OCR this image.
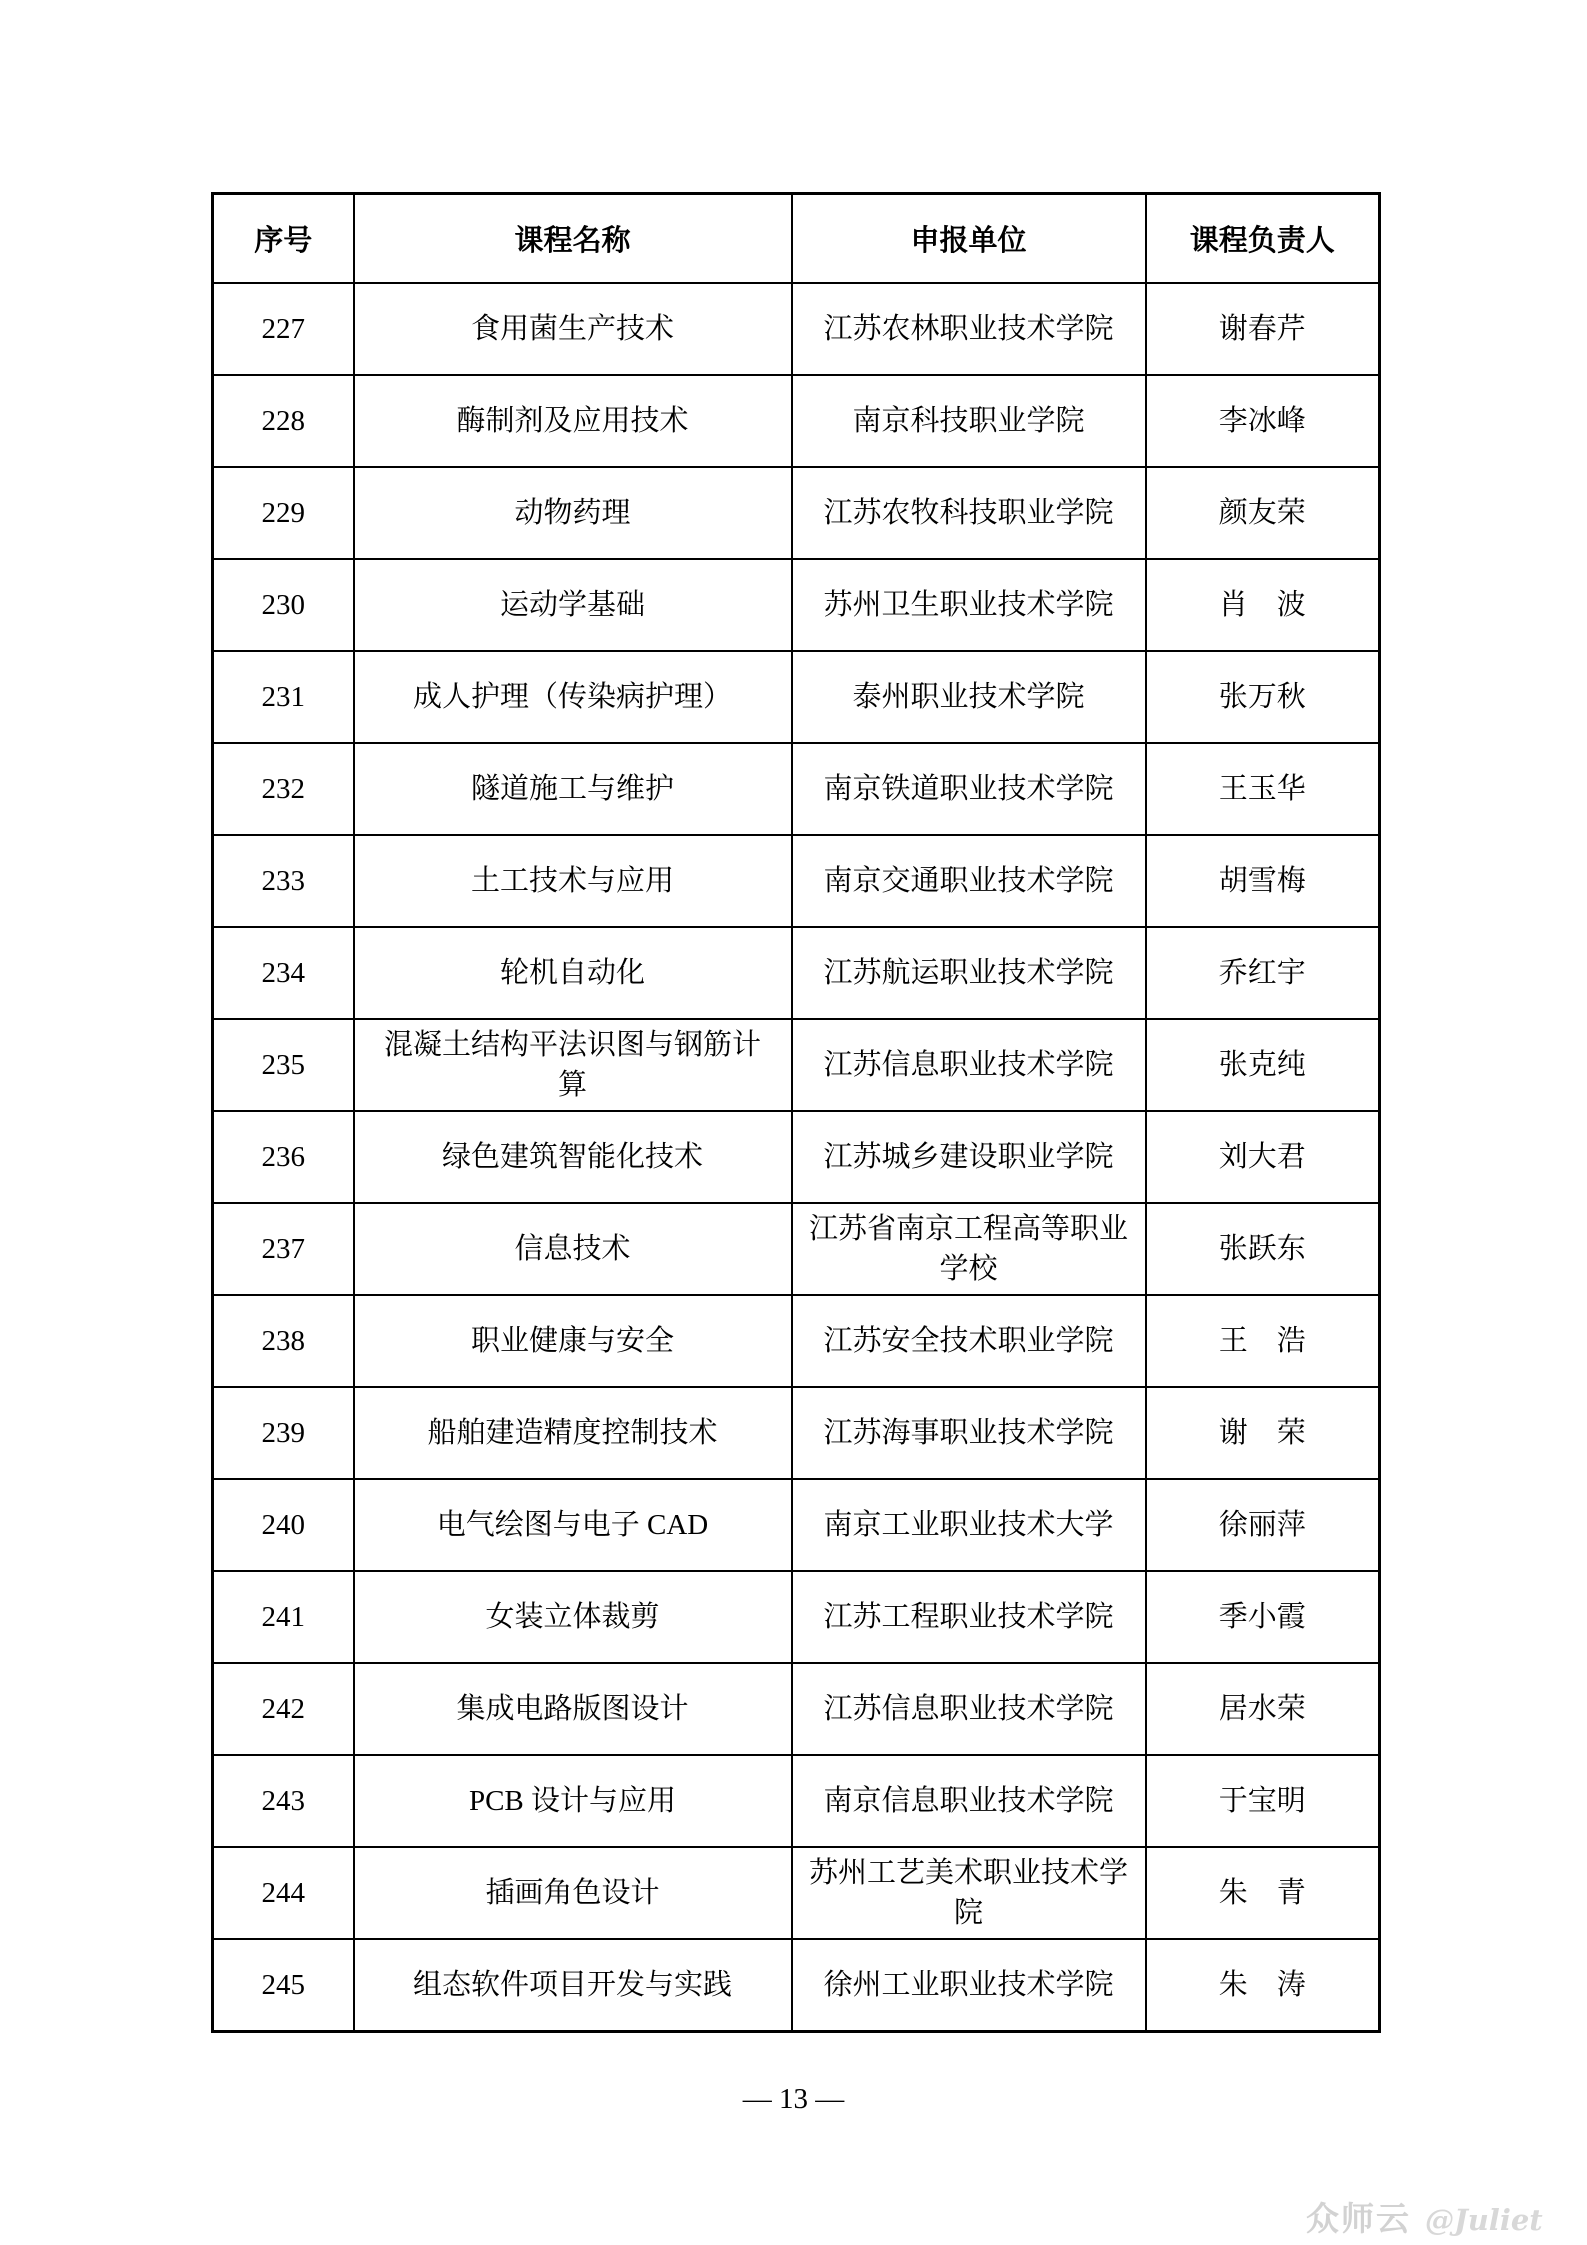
序号	课程名称	申报单位	课程负责人
227	食用菌生产技术	江苏农林职业技术学院	谢春芹
228	酶制剂及应用技术	南京科技职业学院	李冰峰
229	动物药理	江苏农牧科技职业学院	颜友荣
230	运动学基础	苏州卫生职业技术学院	肖　波
231	成人护理（传染病护理）	泰州职业技术学院	张万秋
232	隧道施工与维护	南京铁道职业技术学院	王玉华
233	土工技术与应用	南京交通职业技术学院	胡雪梅
234	轮机自动化	江苏航运职业技术学院	乔红宇
235	混凝土结构平法识图与钢筋计算	江苏信息职业技术学院	张克纯
236	绿色建筑智能化技术	江苏城乡建设职业学院	刘大君
237	信息技术	江苏省南京工程高等职业学校	张跃东
238	职业健康与安全	江苏安全技术职业学院	王　浩
239	船舶建造精度控制技术	江苏海事职业技术学院	谢　荣
240	电气绘图与电子 CAD	南京工业职业技术大学	徐丽萍
241	女装立体裁剪	江苏工程职业技术学院	季小霞
242	集成电路版图设计	江苏信息职业技术学院	居水荣
243	PCB 设计与应用	南京信息职业技术学院	于宝明
244	插画角色设计	苏州工艺美术职业技术学院	朱　青
245	组态软件项目开发与实践	徐州工业职业技术学院	朱　涛
— 13 —
众师云 @Juliet
